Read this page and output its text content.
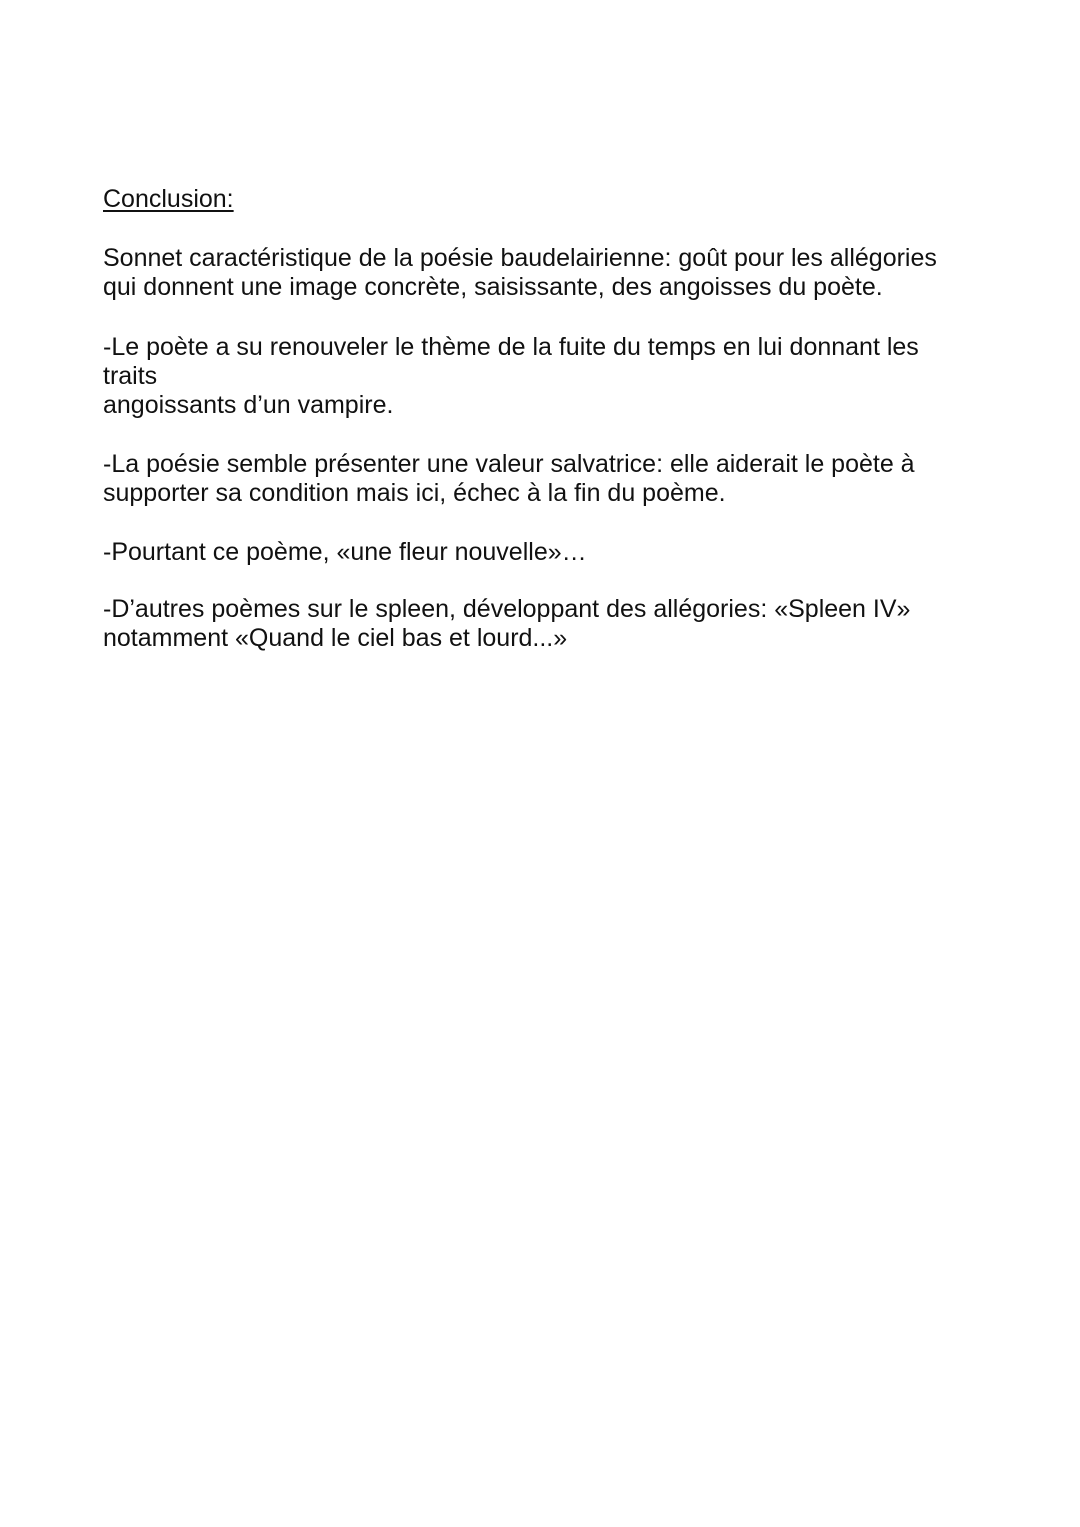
Conclusion:
Sonnet caractéristique de la poésie baudelairienne: goût pour les allégories
qui donnent une image concrète, saisissante, des angoisses du poète.
-Le poète a su renouveler le thème de la fuite du temps en lui donnant les
traits
angoissants d’un vampire.
-La poésie semble présenter une valeur salvatrice: elle aiderait le poète à
supporter sa condition mais ici, échec à la fin du poème.
-Pourtant ce poème, «une fleur nouvelle»…
-D’autres poèmes sur le spleen, développant des allégories: «Spleen IV»
notamment «Quand le ciel bas et lourd...»
